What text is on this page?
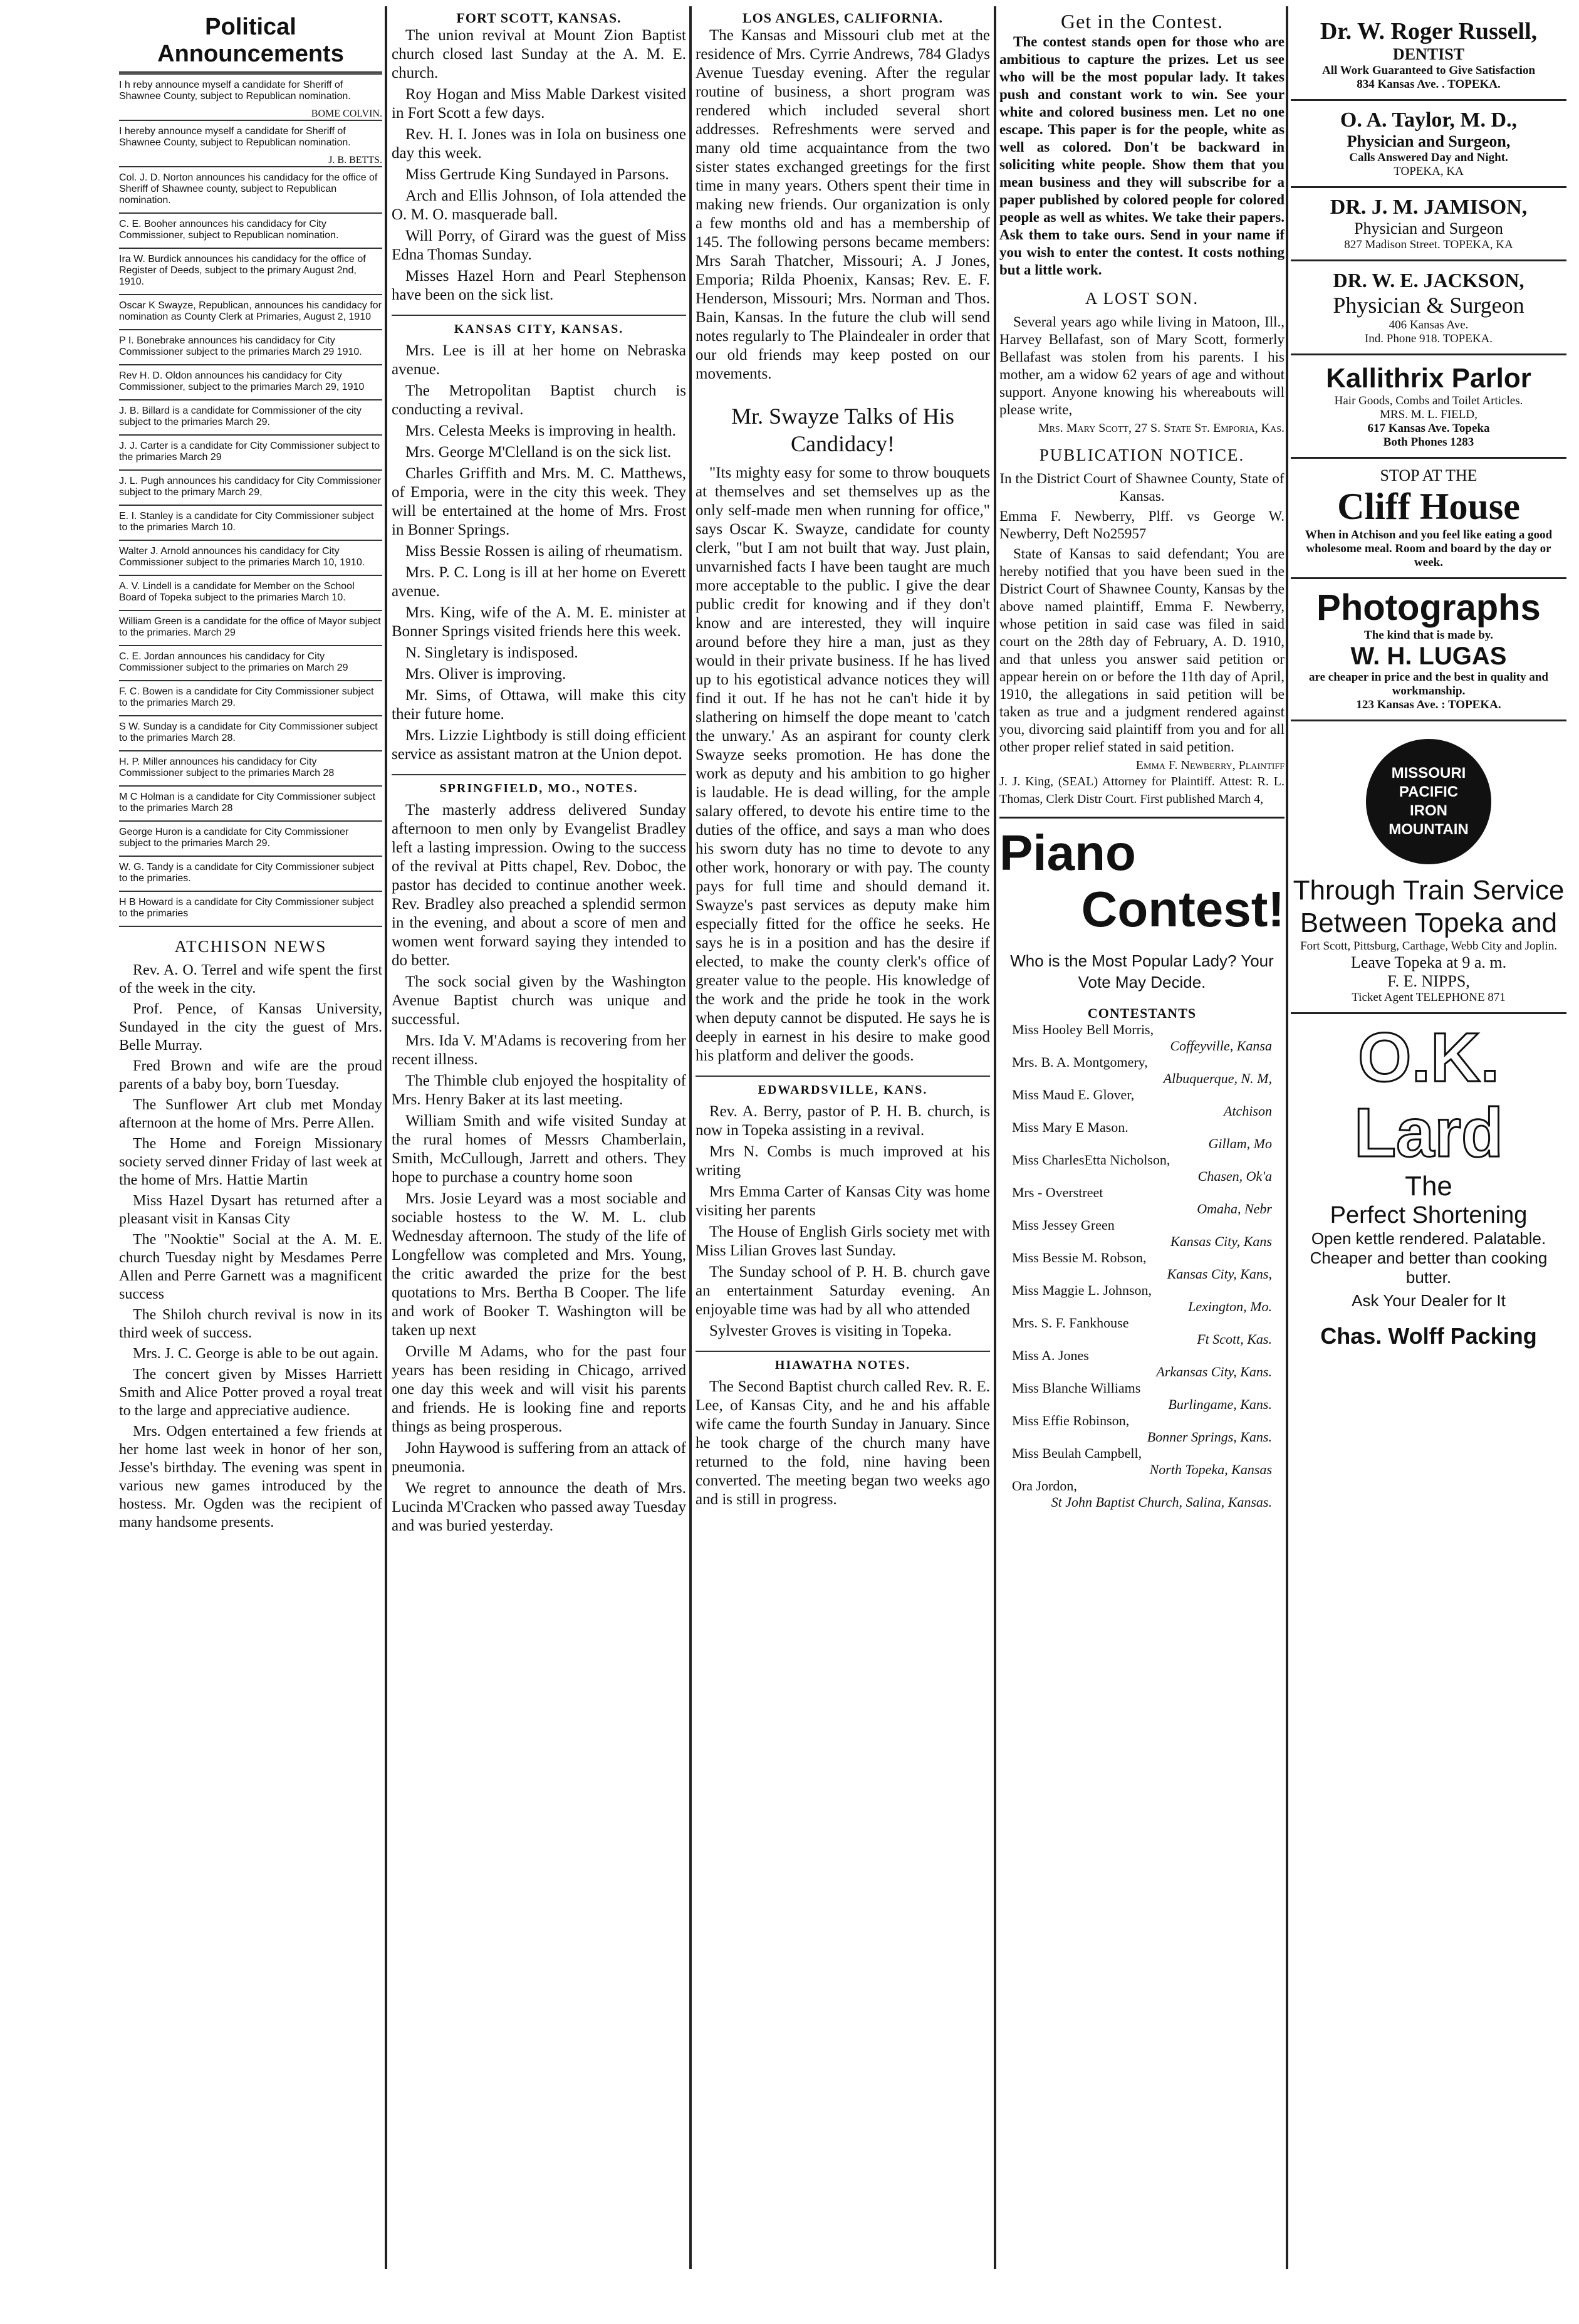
Political Announcements
I h reby announce myself a candidate for Sheriff of Shawnee County, subject to Republican nomination.
BOME COLVIN.
I hereby announce myself a candidate for Sheriff of Shawnee County, subject to Republican nomination.
J. B. BETTS.
Col. J. D. Norton announces his candidacy for the office of Sheriff of Shawnee county, subject to Republican nomination.
C. E. Booher announces his candidacy for City Commissioner, subject to Republican nomination.
Ira W. Burdick announces his candidacy for the office of Register of Deeds, subject to the primary August 2nd, 1910.
Oscar K Swayze, Republican, announces his candidacy for nomination as County Clerk at Primaries, August 2, 1910
P I. Bonebrake announces his candidacy for City Commissioner subject to the primaries March 29 1910.
Rev H. D. Oldon announces his candidacy for City Commissioner, subject to the primaries March 29, 1910
J. B. Billard is a candidate for Commissioner of the city subject to the primaries March 29.
J. J. Carter is a candidate for City Commissioner subject to the primaries March 29
J. L. Pugh announces his candidacy for City Commissioner subject to the primary March 29,
E. I. Stanley is a candidate for City Commissioner subject to the primaries March 10.
Walter J. Arnold announces his candidacy for City Commissioner subject to the primaries March 10, 1910.
A. V. Lindell is a candidate for Member on the School Board of Topeka subject to the primaries March 10.
William Green is a candidate for the office of Mayor subject to the primaries. March 29
C. E. Jordan announces his candidacy for City Commissioner subject to the primaries on March 29
F. C. Bowen is a candidate for City Commissioner subject to the primaries March 29.
S W. Sunday is a candidate for City Commissioner subject to the primaries March 28.
H. P. Miller announces his candidacy for City Commissioner subject to the primaries March 28
M C Holman is a candidate for City Commissioner subject to the primaries March 28
George Huron is a candidate for City Commissioner subject to the primaries March 29.
W. G. Tandy is a candidate for City Commissioner subject to the primaries.
H B Howard is a candidate for City Commissioner subject to the primaries
ATCHISON NEWS

Rev. A. O. Terrel and wife spent the first of the week in the city.

Prof. Pence, of Kansas University, Sundayed in the city the guest of Mrs. Belle Murray.

Fred Brown and wife are the proud parents of a baby boy, born Tuesday.

The Sunflower Art club met Monday afternoon at the home of Mrs. Perre Allen.

The Home and Foreign Missionary society served dinner Friday of last week at the home of Mrs. Hattie Martin

Miss Hazel Dysart has returned after a pleasant visit in Kansas City

The "Nooktie" Social at the A. M. E. church Tuesday night by Mesdames Perre Allen and Perre Garnett was a magnificent success

The Shiloh church revival is now in its third week of success.

Mrs. J. C. George is able to be out again.

The concert given by Misses Harriett Smith and Alice Potter proved a royal treat to the large and appreciative audience.

Mrs. Odgen entertained a few friends at her home last week in honor of her son, Jesse's birthday. The evening was spent in various new games introduced by the hostess. Mr. Ogden was the recipient of many handsome presents.

FORT SCOTT, KANSAS.

The union revival at Mount Zion Baptist church closed last Sunday at the A. M. E. church.

Roy Hogan and Miss Mable Darkest visited in Fort Scott a few days.

Rev. H. I. Jones was in Iola on business one day this week.

Miss Gertrude King Sundayed in Parsons.

Arch and Ellis Johnson, of Iola attended the O. M. O. masquerade ball.

Will Porry, of Girard was the guest of Miss Edna Thomas Sunday.

Misses Hazel Horn and Pearl Stephenson have been on the sick list.

KANSAS CITY, KANSAS.

Mrs. Lee is ill at her home on Nebraska avenue.

The Metropolitan Baptist church is conducting a revival.

Mrs. Celesta Meeks is improving in health.

Mrs. George M'Clelland is on the sick list.

Charles Griffith and Mrs. M. C. Matthews, of Emporia, were in the city this week. They will be entertained at the home of Mrs. Frost in Bonner Springs.

Miss Bessie Rossen is ailing of rheumatism.

Mrs. P. C. Long is ill at her home on Everett avenue.

Mrs. King, wife of the A. M. E. minister at Bonner Springs visited friends here this week.

N. Singletary is indisposed.

Mrs. Oliver is improving.

Mr. Sims, of Ottawa, will make this city their future home.

Mrs. Lizzie Lightbody is still doing efficient service as assistant matron at the Union depot.

SPRINGFIELD, MO., NOTES.

The masterly address delivered Sunday afternoon to men only by Evangelist Bradley left a lasting impression. Owing to the success of the revival at Pitts chapel, Rev. Doboc, the pastor has decided to continue another week. Rev. Bradley also preached a splendid sermon in the evening, and about a score of men and women went forward saying they intended to do better.

The sock social given by the Washington Avenue Baptist church was unique and successful.

Mrs. Ida V. M'Adams is recovering from her recent illness.

The Thimble club enjoyed the hospitality of Mrs. Henry Baker at its last meeting.

William Smith and wife visited Sunday at the rural homes of Messrs Chamberlain, Smith, McCullough, Jarrett and others. They hope to purchase a country home soon

Mrs. Josie Leyard was a most sociable and sociable hostess to the W. M. L. club Wednesday afternoon. The study of the life of Longfellow was completed and Mrs. Young, the critic awarded the prize for the best quotations to Mrs. Bertha B Cooper. The life and work of Booker T. Washington will be taken up next

Orville M Adams, who for the past four years has been residing in Chicago, arrived one day this week and will visit his parents and friends. He is looking fine and reports things as being prosperous.

John Haywood is suffering from an attack of pneumonia.

We regret to announce the death of Mrs. Lucinda M'Cracken who passed away Tuesday and was buried yesterday.

LOS ANGLES, CALIFORNIA.

The Kansas and Missouri club met at the residence of Mrs. Cyrrie Andrews, 784 Gladys Avenue Tuesday evening. After the regular routine of business, a short program was rendered which included several short addresses. Refreshments were served and many old time acquaintance from the two sister states exchanged greetings for the first time in many years. Others spent their time in making new friends. Our organization is only a few months old and has a membership of 145. The following persons became members: Mrs Sarah Thatcher, Missouri; A. J Jones, Emporia; Rilda Phoenix, Kansas; Rev. E. F. Henderson, Missouri; Mrs. Norman and Thos. Bain, Kansas. In the future the club will send notes regularly to The Plaindealer in order that our old friends may keep posted on our movements.

Mr. Swayze Talks of His Candidacy!

"Its mighty easy for some to throw bouquets at themselves and set themselves up as the only self-made men when running for office," says Oscar K. Swayze, candidate for county clerk, "but I am not built that way. Just plain, unvarnished facts I have been taught are much more acceptable to the public. I give the dear public credit for knowing and if they don't know and are interested, they will inquire around before they hire a man, just as they would in their private business. If he has lived up to his egotistical advance notices they will find it out. If he has not he can't hide it by slathering on himself the dope meant to 'catch the unwary.' As an aspirant for county clerk Swayze seeks promotion. He has done the work as deputy and his ambition to go higher is laudable. He is dead willing, for the ample salary offered, to devote his entire time to the duties of the office, and says a man who does his sworn duty has no time to devote to any other work, honorary or with pay. The county pays for full time and should demand it. Swayze's past services as deputy make him especially fitted for the office he seeks. He says he is in a position and has the desire if elected, to make the county clerk's office of greater value to the people. His knowledge of the work and the pride he took in the work when deputy cannot be disputed. He says he is deeply in earnest in his desire to make good his platform and deliver the goods.

EDWARDSVILLE, KANS.

Rev. A. Berry, pastor of P. H. B. church, is now in Topeka assisting in a revival.

Mrs N. Combs is much improved at his writing

Mrs Emma Carter of Kansas City was home visiting her parents

The House of English Girls society met with Miss Lilian Groves last Sunday.

The Sunday school of P. H. B. church gave an entertainment Saturday evening. An enjoyable time was had by all who attended

Sylvester Groves is visiting in Topeka.

HIAWATHA NOTES.

The Second Baptist church called Rev. R. E. Lee, of Kansas City, and he and his affable wife came the fourth Sunday in January. Since he took charge of the church many have returned to the fold, nine having been converted. The meeting began two weeks ago and is still in progress.

Get in the Contest.

The contest stands open for those who are ambitious to capture the prizes. Let us see who will be the most popular lady. It takes push and constant work to win. See your white and colored business men. Let no one escape. This paper is for the people, white as well as colored. Don't be backward in soliciting white people. Show them that you mean business and they will subscribe for a paper published by colored people for colored people as well as whites. We take their papers. Ask them to take ours. Send in your name if you wish to enter the contest. It costs nothing but a little work.

A LOST SON.

Several years ago while living in Matoon, Ill., Harvey Bellafast, son of Mary Scott, formerly Bellafast was stolen from his parents. I his mother, am a widow 62 years of age and without support. Anyone knowing his whereabouts will please write,

Mrs. Mary Scott, 27 S. State St. Emporia, Kas.
PUBLICATION NOTICE.

In the District Court of Shawnee County, State of Kansas.

Emma F. Newberry, Plff. vs George W. Newberry, Deft No25957

State of Kansas to said defendant; You are hereby notified that you have been sued in the District Court of Shawnee County, Kansas by the above named plaintiff, Emma F. Newberry, whose petition in said case was filed in said court on the 28th day of February, A. D. 1910, and that unless you answer said petition or appear herein on or before the 11th day of April, 1910, the allegations in said petition will be taken as true and a judgment rendered against you, divorcing said plaintiff from you and for all other proper relief stated in said petition.

Emma F. Newberry, Plaintiff

J. J. King, (SEAL) Attorney for Plaintiff. Attest: R. L. Thomas, Clerk Distr Court. First published March 4,

Piano
Contest!
Who is the Most Popular Lady? Your Vote May Decide.
CONTESTANTS
Miss Hooley Bell Morris,
Coffeyville, Kansa
Mrs. B. A. Montgomery,
Albuquerque, N. M,
Miss Maud E. Glover,
Atchison
Miss Mary E Mason.
Gillam, Mo
Miss CharlesEtta Nicholson,
Chasen, Ok'a
Mrs - Overstreet
Omaha, Nebr
Miss Jessey Green
Kansas City, Kans
Miss Bessie M. Robson,
Kansas City, Kans,
Miss Maggie L. Johnson,
Lexington, Mo.
Mrs. S. F. Fankhouse
Ft Scott, Kas.
Miss A. Jones
Arkansas City, Kans.
Miss Blanche Williams
Burlingame, Kans.
Miss Effie Robinson,
Bonner Springs, Kans.
Miss Beulah Campbell,
North Topeka, Kansas
Ora Jordon,
St John Baptist Church, Salina, Kansas.
Dr. W. Roger Russell,
DENTIST
All Work Guaranteed to Give Satisfaction
834 Kansas Ave. . TOPEKA.
O. A. Taylor, M. D.,
Physician and Surgeon,
Calls Answered Day and Night.
TOPEKA, KA
DR. J. M. JAMISON,
Physician and Surgeon
827 Madison Street. TOPEKA, KA
DR. W. E. JACKSON,
Physician & Surgeon
406 Kansas Ave.
Ind. Phone 918. TOPEKA.
Kallithrix Parlor
Hair Goods, Combs and Toilet Articles.
MRS. M. L. FIELD,
617 Kansas Ave. Topeka
Both Phones 1283
STOP AT THE
Cliff House
When in Atchison and you feel like eating a good wholesome meal. Room and board by the day or week.
Photographs
The kind that is made by.
W. H. LUGAS
are cheaper in price and the best in quality and workmanship.
123 Kansas Ave. : TOPEKA.
MISSOURI
PACIFIC
IRON
MOUNTAIN
Through Train Service Between Topeka and
Fort Scott, Pittsburg, Carthage, Webb City and Joplin.
Leave Topeka at 9 a. m.
F. E. NIPPS,
Ticket Agent TELEPHONE 871
O.K. Lard
The
Perfect Shortening
Open kettle rendered. Palatable.
Cheaper and better than cooking butter.
Ask Your Dealer for It
Chas. Wolff Packing
